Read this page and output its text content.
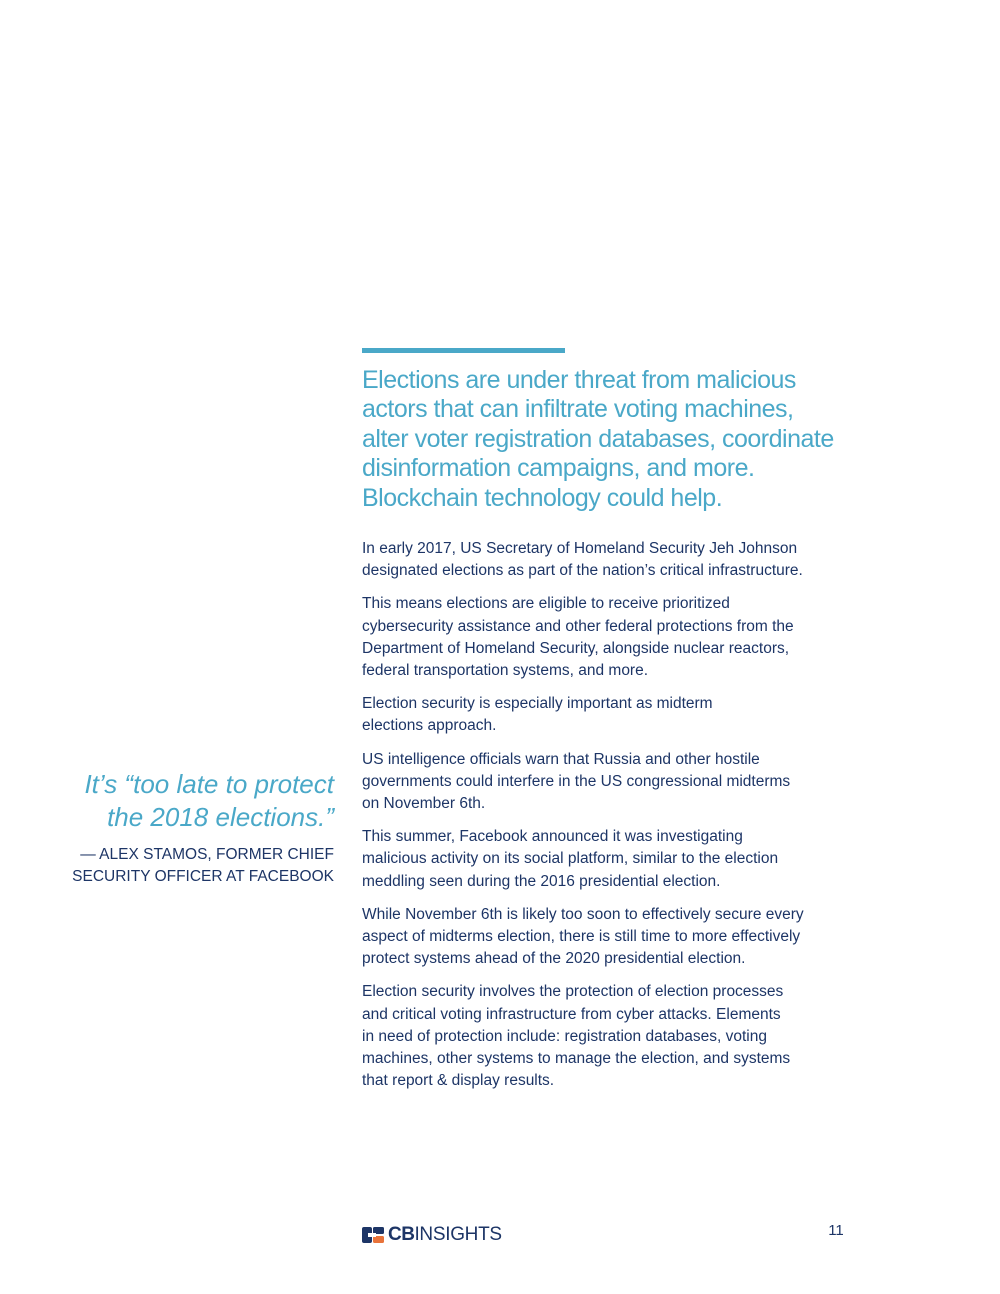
Elections are under threat from malicious
actors that can infiltrate voting machines,
alter voter registration databases, coordinate
disinformation campaigns, and more.
Blockchain technology could help.

In early 2017, US Secretary of Homeland Security Jeh Johnson
designated elections as part of the nation’s critical infrastructure.

This means elections are eligible to receive prioritized
cybersecurity assistance and other federal protections from the
Department of Homeland Security, alongside nuclear reactors,
federal transportation systems, and more.

Election security is especially important as midterm
elections approach.

US intelligence officials warn that Russia and other hostile
governments could interfere in the US congressional midterms
on November 6th.

This summer, Facebook announced it was investigating
malicious activity on its social platform, similar to the election
meddling seen during the 2016 presidential election.

While November 6th is likely too soon to effectively secure every
aspect of midterms election, there is still time to more effectively
protect systems ahead of the 2020 presidential election.

Election security involves the protection of election processes
and critical voting infrastructure from cyber attacks. Elements
in need of protection include: registration databases, voting
machines, other systems to manage the election, and systems
that report & display results.

It’s “too late to protect
the 2018 elections.”

— ALEX STAMOS, FORMER CHIEF
SECURITY OFFICER AT FACEBOOK

CB INSIGHTS	11
